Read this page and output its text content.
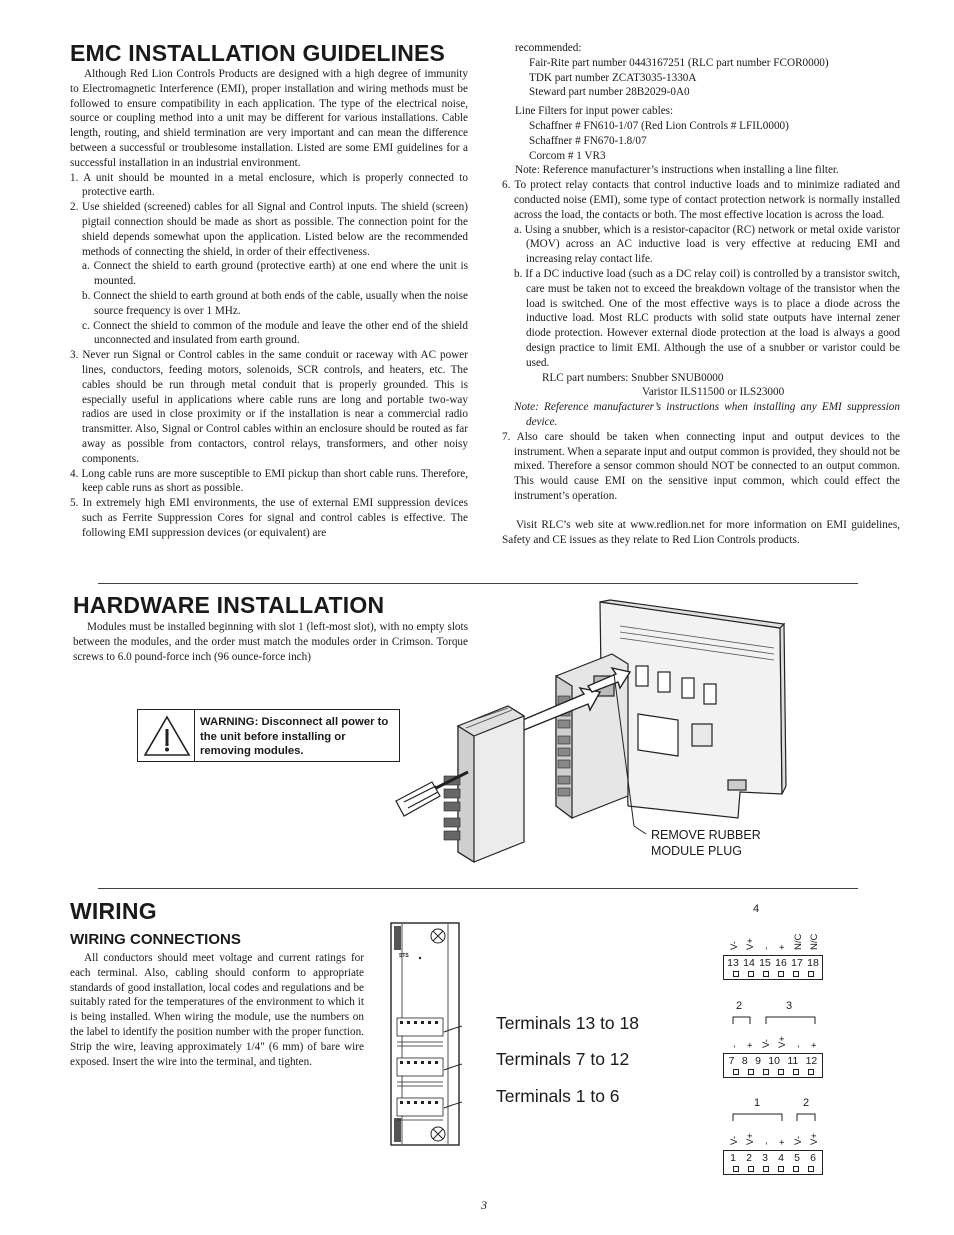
EMC INSTALLATION GUIDELINES

Although Red Lion Controls Products are designed with a high degree of immunity to Electromagnetic Interference (EMI), proper installation and wiring methods must be followed to ensure compatibility in each application. The type of the electrical noise, source or coupling method into a unit may be different for various installations. Cable length, routing, and shield termination are very important and can mean the difference between a successful or troublesome installation. Listed are some EMI guidelines for a successful installation in an industrial environment.

1. A unit should be mounted in a metal enclosure, which is properly connected to protective earth.

2. Use shielded (screened) cables for all Signal and Control inputs. The shield (screen) pigtail connection should be made as short as possible. The connection point for the shield depends somewhat upon the application. Listed below are the recommended methods of connecting the shield, in order of their effectiveness.

a. Connect the shield to earth ground (protective earth) at one end where the unit is mounted.

b. Connect the shield to earth ground at both ends of the cable, usually when the noise source frequency is over 1 MHz.

c. Connect the shield to common of the module and leave the other end of the shield unconnected and insulated from earth ground.

3. Never run Signal or Control cables in the same conduit or raceway with AC power lines, conductors, feeding motors, solenoids, SCR controls, and heaters, etc. The cables should be run through metal conduit that is properly grounded. This is especially useful in applications where cable runs are long and portable two-way radios are used in close proximity or if the installation is near a commercial radio transmitter. Also, Signal or Control cables within an enclosure should be routed as far away as possible from contactors, control relays, transformers, and other noisy components.

4. Long cable runs are more susceptible to EMI pickup than short cable runs. Therefore, keep cable runs as short as possible.

5. In extremely high EMI environments, the use of external EMI suppression devices such as Ferrite Suppression Cores for signal and control cables is effective. The following EMI suppression devices (or equivalent) are

recommended:

Fair-Rite part number 0443167251 (RLC part number FCOR0000)

TDK part number ZCAT3035-1330A

Steward part number 28B2029-0A0

Line Filters for input power cables:

Schaffner # FN610-1/07 (Red Lion Controls # LFIL0000)

Schaffner # FN670-1.8/07

Corcom # 1 VR3

Note: Reference manufacturer’s instructions when installing a line filter.

6. To protect relay contacts that control inductive loads and to minimize radiated and conducted noise (EMI), some type of contact protection network is normally installed across the load, the contacts or both. The most effective location is across the load.

a. Using a snubber, which is a resistor-capacitor (RC) network or metal oxide varistor (MOV) across an AC inductive load is very effective at reducing EMI and increasing relay contact life.

b. If a DC inductive load (such as a DC relay coil) is controlled by a transistor switch, care must be taken not to exceed the breakdown voltage of the transistor when the load is switched. One of the most effective ways is to place a diode across the inductive load. Most RLC products with solid state outputs have internal zener diode protection. However external diode protection at the load is always a good design practice to limit EMI. Although the use of a snubber or varistor could be used.

RLC part numbers: Snubber SNUB0000

Varistor ILS11500 or ILS23000

Note: Reference manufacturer’s instructions when installing any EMI suppression device.

7. Also care should be taken when connecting input and output devices to the instrument. When a separate input and output common is provided, they should not be mixed. Therefore a sensor common should NOT be connected to an output common. This would cause EMI on the sensitive input common, which could effect the instrument’s operation.

Visit RLC’s web site at www.redlion.net for more information on EMI guidelines, Safety and CE issues as they relate to Red Lion Controls products.

HARDWARE INSTALLATION
Modules must be installed beginning with slot 1 (left-most slot), with no empty slots between the modules, and the order must match the modules order in Crimson. Torque screws to 6.0 pound-force inch (96 ounce-force inch)
WARNING: Disconnect all power to the unit before installing or removing modules.
REMOVE RUBBER
MODULE PLUG
WIRING
WIRING CONNECTIONS
All conductors should meet voltage and current ratings for each terminal. Also, cabling should conform to appropriate standards of good installation, local codes and regulations and be suitably rated for the temperatures of the environment to which it is being installed. When wiring the module, use the numbers on the label to identify the position number with the proper function. Strip the wire, leaving approximately 1/4" (6 mm) of bare wire exposed. Insert the wire into the terminal, and tighten.
STS
Terminals 13 to 18
Terminals 7 to 12
Terminals 1 to 6
4
V- V+ - + N/C N/C
13 14 15 16 17 18
2	3
- + V- V+ - +
7 8 9 10 11 12
1	2
V- V+ - + V- V+
1 2 3 4 5 6
3
